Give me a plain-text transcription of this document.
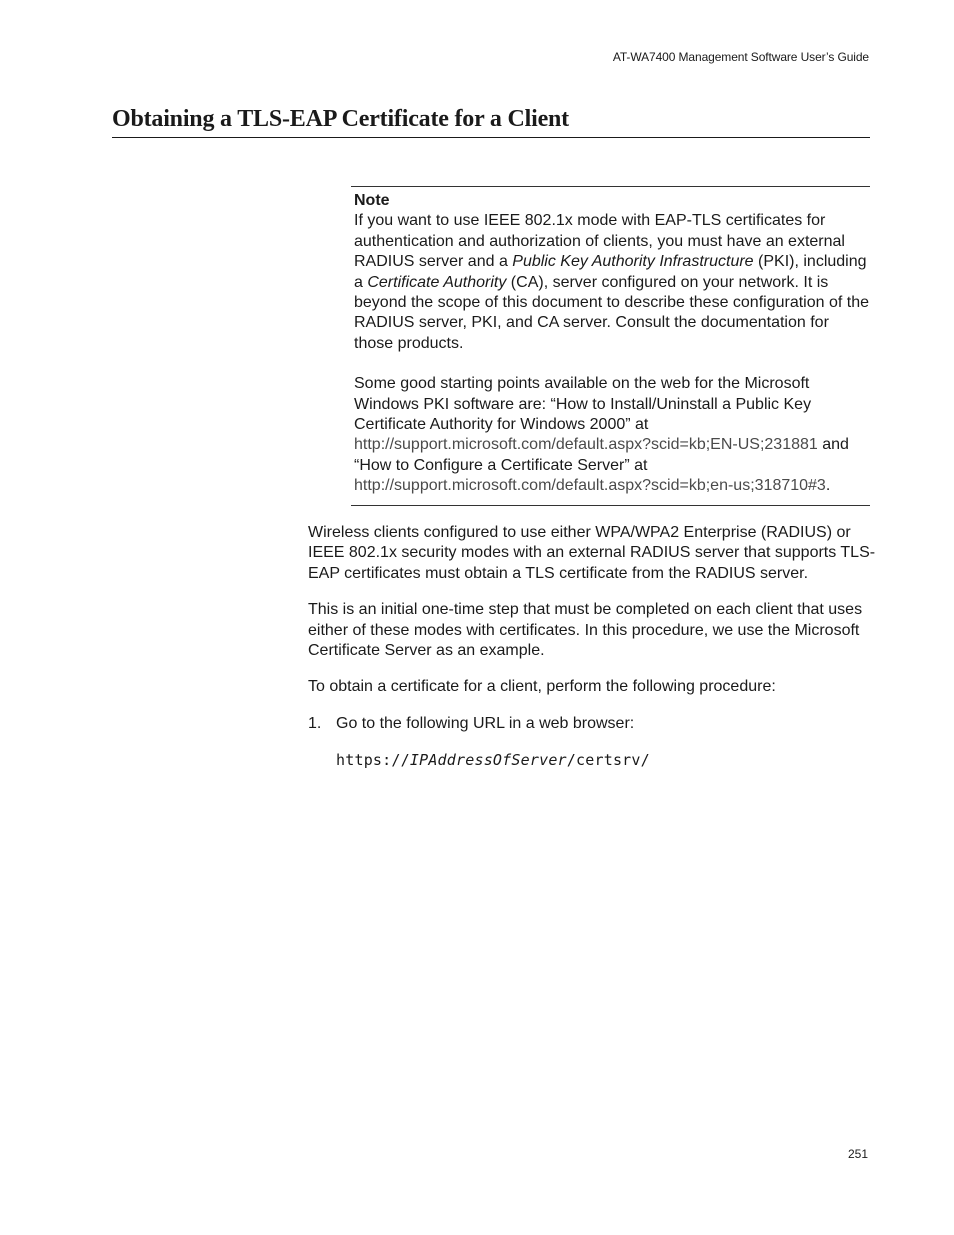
AT-WA7400 Management Software User’s Guide
Obtaining a TLS-EAP Certificate for a Client

Note

If you want to use IEEE 802.1x mode with EAP-TLS certificates for authentication and authorization of clients, you must have an external RADIUS server and a Public Key Authority Infrastructure (PKI), including a Certificate Authority (CA), server configured on your network. It is beyond the scope of this document to describe these configuration of the RADIUS server, PKI, and CA server. Consult the documentation for those products.

Some good starting points available on the web for the Microsoft Windows PKI software are: “How to Install/Uninstall a Public Key Certificate Authority for Windows 2000” at http://support.microsoft.com/default.aspx?scid=kb;EN-US;231881 and “How to Configure a Certificate Server” at http://support.microsoft.com/default.aspx?scid=kb;en-us;318710#3.

Wireless clients configured to use either WPA/WPA2 Enterprise (RADIUS) or IEEE 802.1x security modes with an external RADIUS server that supports TLS-EAP certificates must obtain a TLS certificate from the RADIUS server.

This is an initial one-time step that must be completed on each client that uses either of these modes with certificates. In this procedure, we use the Microsoft Certificate Server as an example.

To obtain a certificate for a client, perform the following procedure:

1. Go to the following URL in a web browser:
https://IPAddressOfServer/certsrv/
251
